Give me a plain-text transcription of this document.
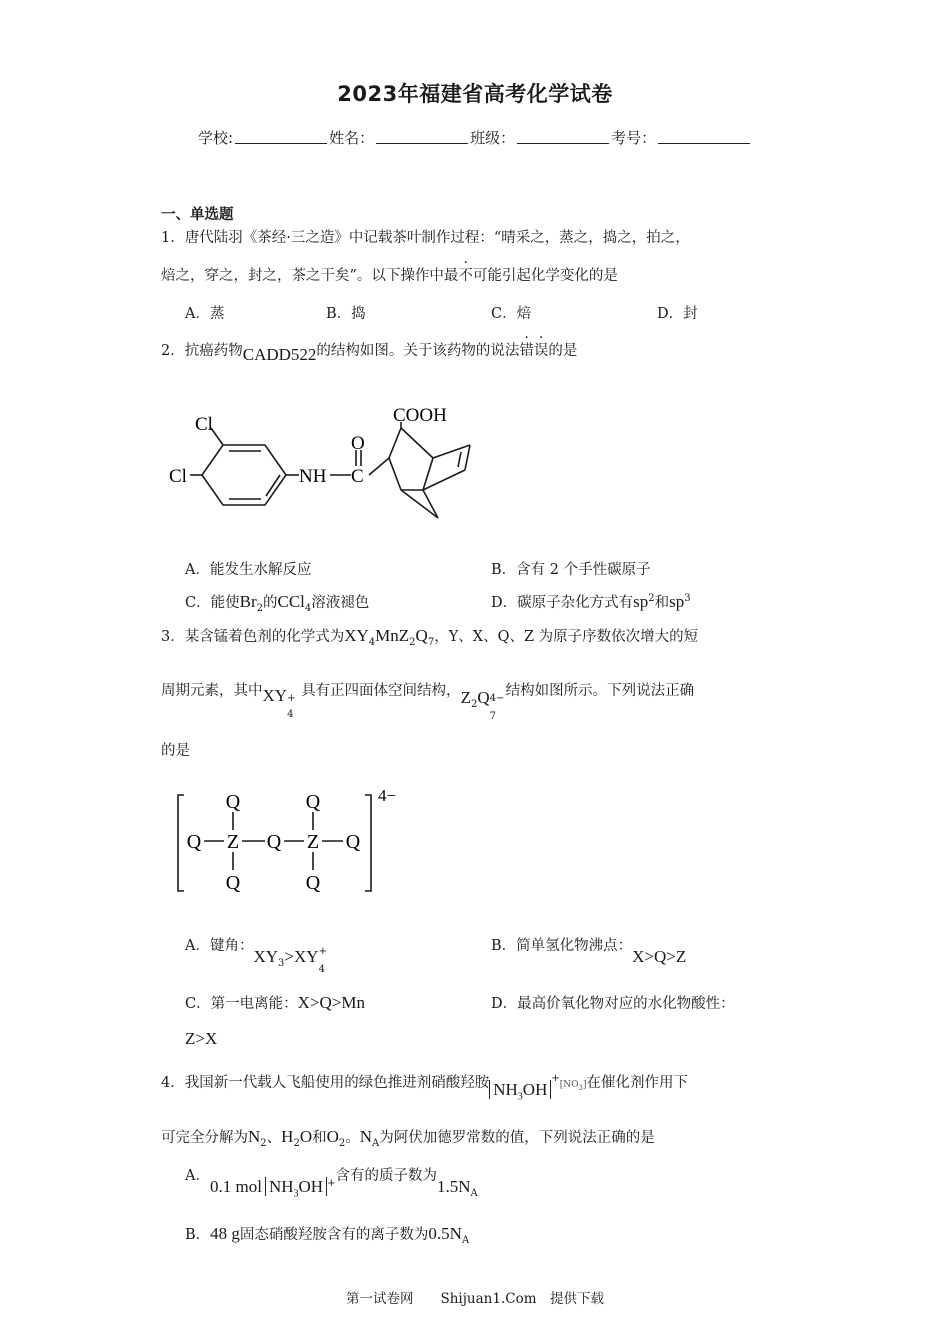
2023年福建省高考化学试卷
学校:	姓名：	班级：	考号：
一、单选题
1．唐代陆羽《茶经·三之造》中记载茶叶制作过程：“晴采之，蒸之，捣之，拍之，
焙之，穿之，封之，茶之干矣”。以下操作中最不可能引起化学变化的是
A．蒸	B．捣	C．焙	D．封
2．抗癌药物CADD522的结构如图。关于该药物的说法错误的是
Cl
Cl	NH
O
C
COOH
A．能发生水解反应	B．含有 2 个手性碳原子
C．能使$Br_2$的CCl$_4$溶液褪色	D．碳原子杂化方式有$sp^2$和$sp^3$
3．某含锰着色剂的化学式为$XY_4MnZ_2Q_7$，Y、X、Q、Z 为原子序数依次增大的短
周期元素，其中XY +
4
具有正四面体空间结构，$Z_2Q$ 4−
7
结构如图所示。下列说法正确
的是
Q Z Q Z Q
Q
Q
Q
Q
4−
A．键角：$XY_3>XY$ +
4
B．简单氢化物沸点：X>Q>Z
C．第一电离能：X>Q>Mn	D．最高价氧化物对应的水化物酸性：
Z>X
4．我国新一代载人飞船使用的绿色推进剂硝酸羟胺 $NH_3OH^+[NO_3]$在催化剂作用下
可完全分解为$N_2$、$H_2O$和$O_2$。$N_A$为阿伏加德罗常数的值，下列说法正确的是
A．0.1 mol $NH_3OH$ +含有的质子数为$1.5N_A$
B．48 g固态硝酸羟胺含有的离子数为$0.5N_A$
第一试卷网　　Shijuan1.Com　提供下载
